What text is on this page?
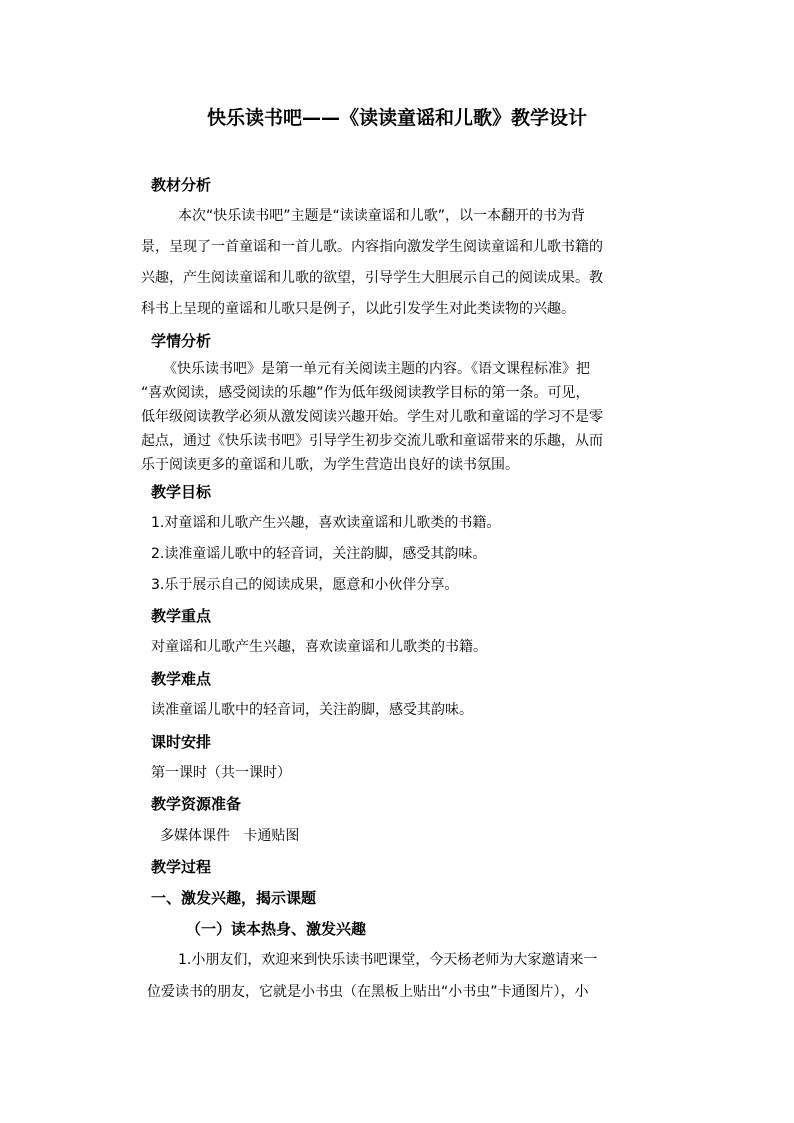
快乐读书吧——《读读童谣和儿歌》教学设计
教材分析
本次“快乐读书吧”主题是“读读童谣和儿歌”，以一本翻开的书为背
景，呈现了一首童谣和一首儿歌。内容指向激发学生阅读童谣和儿歌书籍的
兴趣，产生阅读童谣和儿歌的欲望，引导学生大胆展示自己的阅读成果。教
科书上呈现的童谣和儿歌只是例子，以此引发学生对此类读物的兴趣。
学情分析
《快乐读书吧》是第一单元有关阅读主题的内容。《语文课程标准》把
“喜欢阅读，感受阅读的乐趣”作为低年级阅读教学目标的第一条。可见，
低年级阅读教学必须从激发阅读兴趣开始。学生对儿歌和童谣的学习不是零
起点，通过《快乐读书吧》引导学生初步交流儿歌和童谣带来的乐趣，从而
乐于阅读更多的童谣和儿歌，为学生营造出良好的读书氛围。
教学目标
1.对童谣和儿歌产生兴趣，喜欢读童谣和儿歌类的书籍。
2.读准童谣儿歌中的轻音词，关注韵脚，感受其韵味。
3.乐于展示自己的阅读成果，愿意和小伙伴分享。
教学重点
对童谣和儿歌产生兴趣，喜欢读童谣和儿歌类的书籍。
教学难点
读准童谣儿歌中的轻音词，关注韵脚，感受其韵味。
课时安排
第一课时（共一课时）
教学资源准备
多媒体课件   卡通贴图
教学过程
一、激发兴趣，揭示课题
（一）读本热身、激发兴趣
1.小朋友们，欢迎来到快乐读书吧课堂，今天杨老师为大家邀请来一
位爱读书的朋友，它就是小书虫（在黑板上贴出“小书虫”卡通图片），小
